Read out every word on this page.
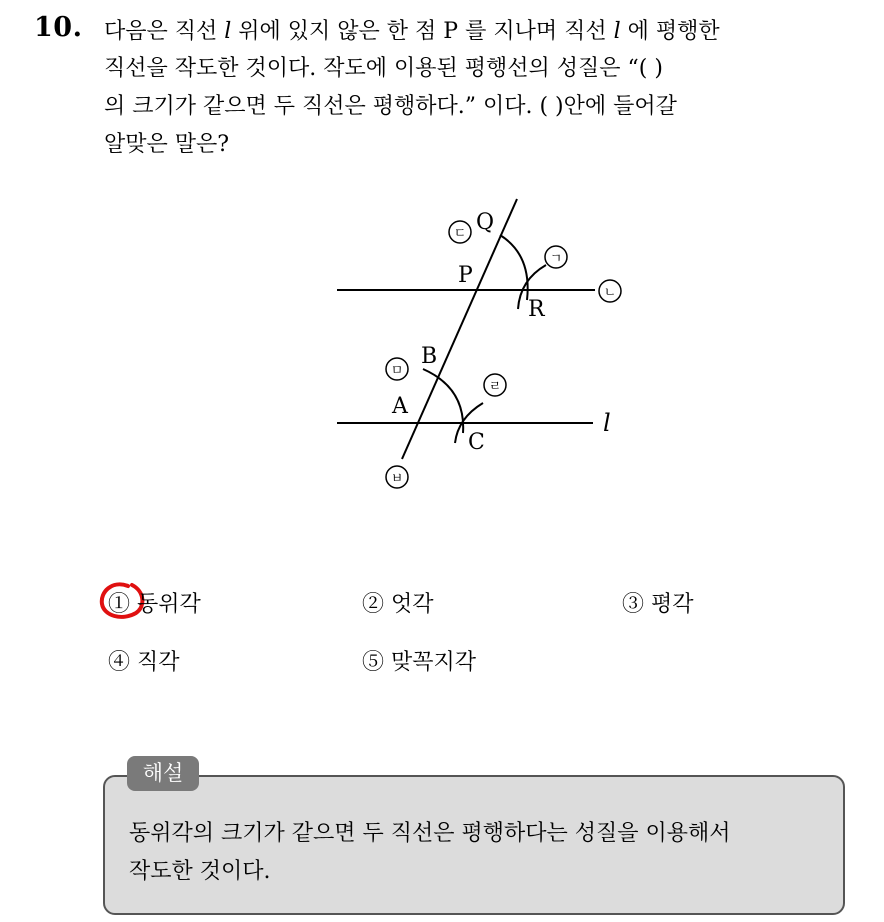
10. 다음은 직선 l 위에 있지 않은 한 점 P 를 지나며 직선 l 에 평행한
직선을 작도한 것이다. 작도에 이용된 평행선의 성질은 “( )
의 크기가 같으면 두 직선은 평행하다.” 이다. ( )안에 들어갈
알맞은 말은?
Q
P
R
B
A
C
l
ㄷ
ㄱ
ㄴ
ㅁ
ㄹ
ㅂ
① 동위각	② 엇각	③ 평각
④ 직각	⑤ 맞꼭지각
해설
동위각의 크기가 같으면 두 직선은 평행하다는 성질을 이용해서
작도한 것이다.
